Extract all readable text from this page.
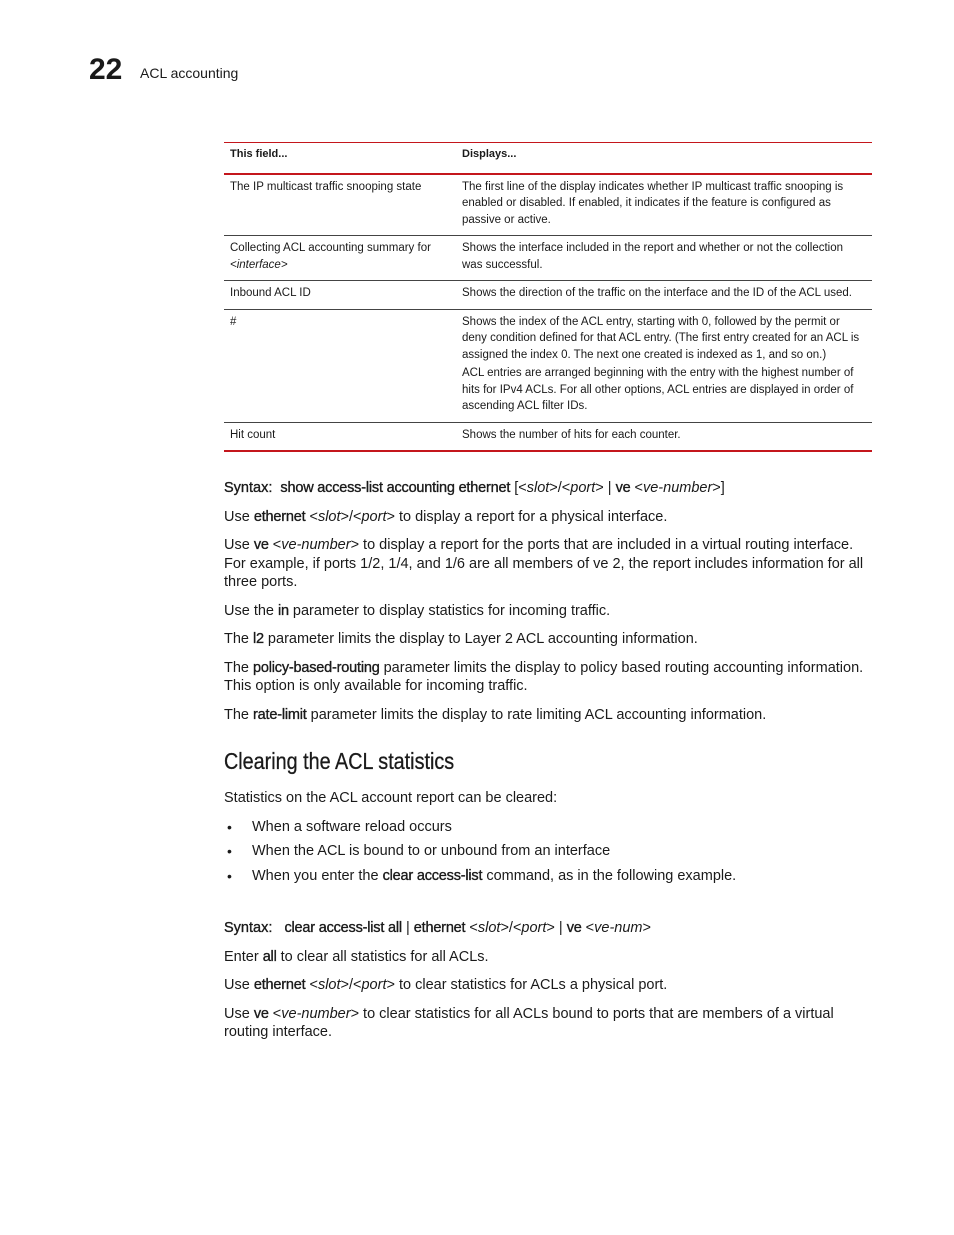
22 ACL accounting
This field...	Displays...
The IP multicast traffic snooping state	The first line of the display indicates whether IP multicast traffic snooping is enabled or disabled. If enabled, it indicates if the feature is configured as passive or active.

Collecting ACL accounting summary for <interface>	Shows the interface included in the report and whether or not the collection was successful.

Inbound ACL ID	Shows the direction of the traffic on the interface and the ID of the ACL used.

#	Shows the index of the ACL entry, starting with 0, followed by the permit or deny condition defined for that ACL entry. (The first entry created for an ACL is assigned the index 0. The next one created is indexed as 1, and so on.)

ACL entries are arranged beginning with the entry with the highest number of hits for IPv4 ACLs. For all other options, ACL entries are displayed in order of ascending ACL filter IDs.

Hit count	Shows the number of hits for each counter.

Syntax: show access-list accounting ethernet [<slot>/<port> | ve <ve-number>]

Use ethernet <slot>/<port> to display a report for a physical interface.

Use ve <ve-number> to display a report for the ports that are included in a virtual routing interface. For example, if ports 1/2, 1/4, and 1/6 are all members of ve 2, the report includes information for all three ports.

Use the in parameter to display statistics for incoming traffic.

The l2 parameter limits the display to Layer 2 ACL accounting information.

The policy-based-routing parameter limits the display to policy based routing accounting information. This option is only available for incoming traffic.

The rate-limit parameter limits the display to rate limiting ACL accounting information.

Clearing the ACL statistics

Statistics on the ACL account report can be cleared:

• When a software reload occurs
• When the ACL is bound to or unbound from an interface
• When you enter the clear access-list command, as in the following example.

Syntax: clear access-list all | ethernet <slot>/<port> | ve <ve-num>

Enter all to clear all statistics for all ACLs.

Use ethernet <slot>/<port> to clear statistics for ACLs a physical port.

Use ve <ve-number> to clear statistics for all ACLs bound to ports that are members of a virtual routing interface.
